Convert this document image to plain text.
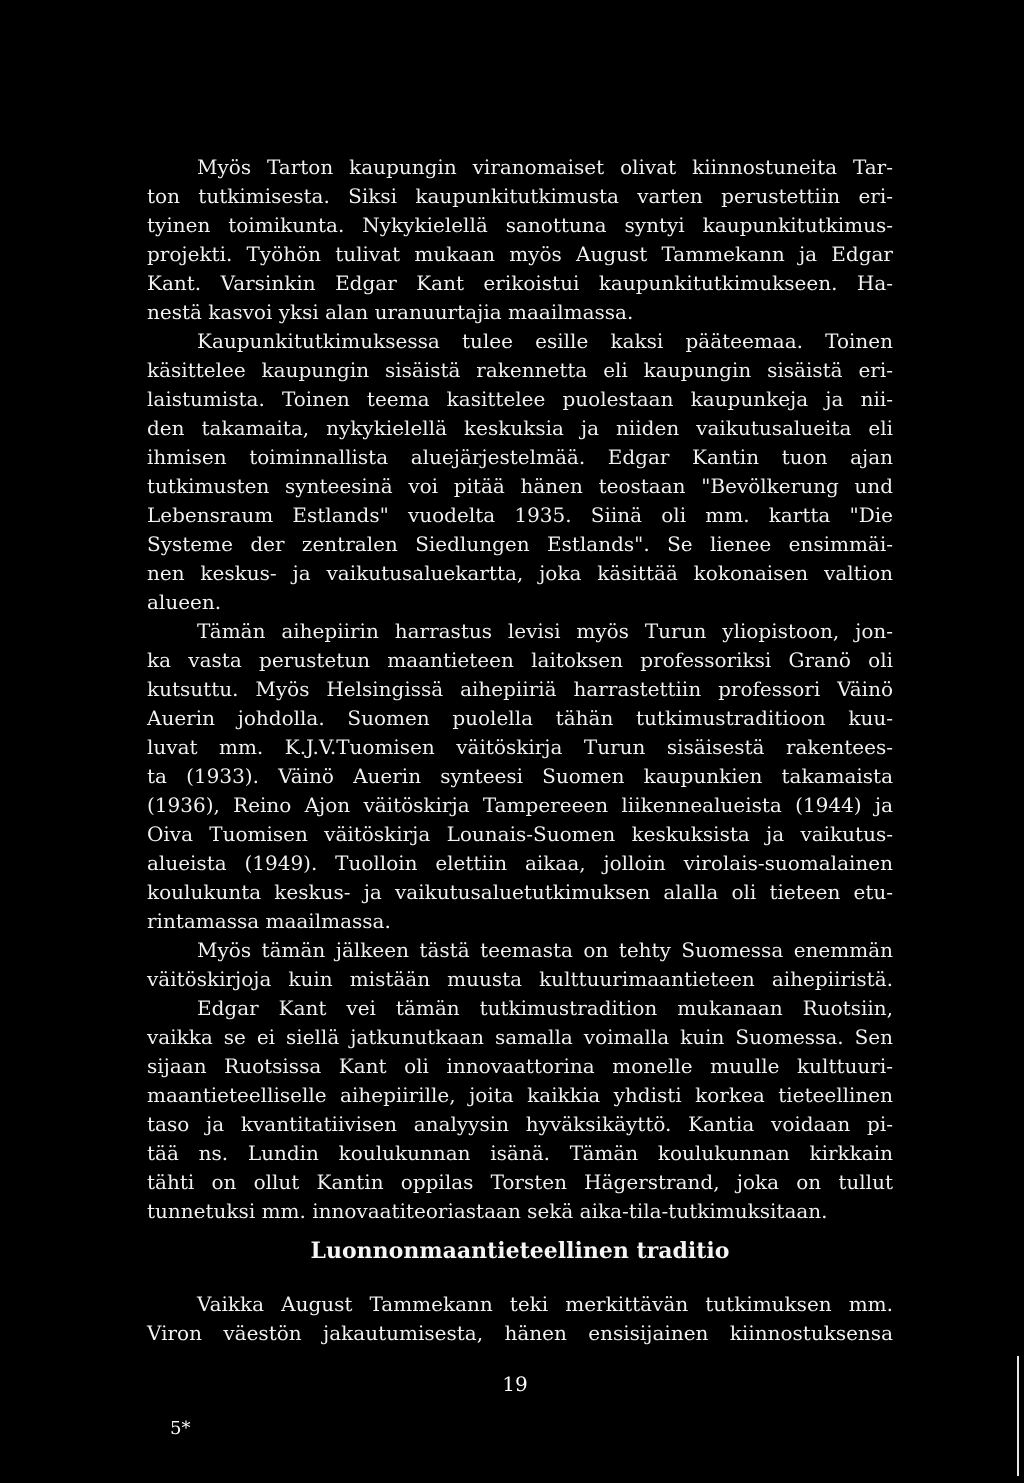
Myös Tarton kaupungin viranomaiset olivat kiinnostuneita Tar-

ton tutkimisesta. Siksi kaupunkitutkimusta varten perustettiin eri-

tyinen toimikunta. Nykykielellä sanottuna syntyi kaupunkitutkimus-

projekti. Työhön tulivat mukaan myös August Tammekann ja Edgar

Kant. Varsinkin Edgar Kant erikoistui kaupunkitutkimukseen. Ha-

nestä kasvoi yksi alan uranuurtajia maailmassa.

Kaupunkitutkimuksessa tulee esille kaksi pääteemaa. Toinen

käsittelee kaupungin sisäistä rakennetta eli kaupungin sisäistä eri-

laistumista. Toinen teema kasittelee puolestaan kaupunkeja ja nii-

den takamaita, nykykielellä keskuksia ja niiden vaikutusalueita eli

ihmisen toiminnallista aluejärjestelmää. Edgar Kantin tuon ajan

tutkimusten synteesinä voi pitää hänen teostaan "Bevölkerung und

Lebensraum Estlands" vuodelta 1935. Siinä oli mm. kartta "Die

Systeme der zentralen Siedlungen Estlands". Se lienee ensimmäi-

nen keskus- ja vaikutusaluekartta, joka käsittää kokonaisen valtion

alueen.

Tämän aihepiirin harrastus levisi myös Turun yliopistoon, jon-

ka vasta perustetun maantieteen laitoksen professoriksi Granö oli

kutsuttu. Myös Helsingissä aihepiiriä harrastettiin professori Väinö

Auerin johdolla. Suomen puolella tähän tutkimustraditioon kuu-

luvat mm. K.J.V.Tuomisen väitöskirja Turun sisäisestä rakentees-

ta (1933). Väinö Auerin synteesi Suomen kaupunkien takamaista

(1936), Reino Ajon väitöskirja Tampereeen liikennealueista (1944) ja

Oiva Tuomisen väitöskirja Lounais-Suomen keskuksista ja vaikutus-

alueista (1949). Tuolloin elettiin aikaa, jolloin virolais-suomalainen

koulukunta keskus- ja vaikutusaluetutkimuksen alalla oli tieteen etu-

rintamassa maailmassa.

Myös tämän jälkeen tästä teemasta on tehty Suomessa enemmän

väitöskirjoja kuin mistään muusta kulttuurimaantieteen aihepiiristä.

Edgar Kant vei tämän tutkimustradition mukanaan Ruotsiin,

vaikka se ei siellä jatkunutkaan samalla voimalla kuin Suomessa. Sen

sijaan Ruotsissa Kant oli innovaattorina monelle muulle kulttuuri-

maantieteelliselle aihepiirille, joita kaikkia yhdisti korkea tieteellinen

taso ja kvantitatiivisen analyysin hyväksikäyttö. Kantia voidaan pi-

tää ns. Lundin koulukunnan isänä. Tämän koulukunnan kirkkain

tähti on ollut Kantin oppilas Torsten Hägerstrand, joka on tullut

tunnetuksi mm. innovaatiteoriastaan sekä aika-tila-tutkimuksitaan.

Luonnonmaantieteellinen traditio

Vaikka August Tammekann teki merkittävän tutkimuksen mm.

Viron väestön jakautumisesta, hänen ensisijainen kiinnostuksensa

19

5*
